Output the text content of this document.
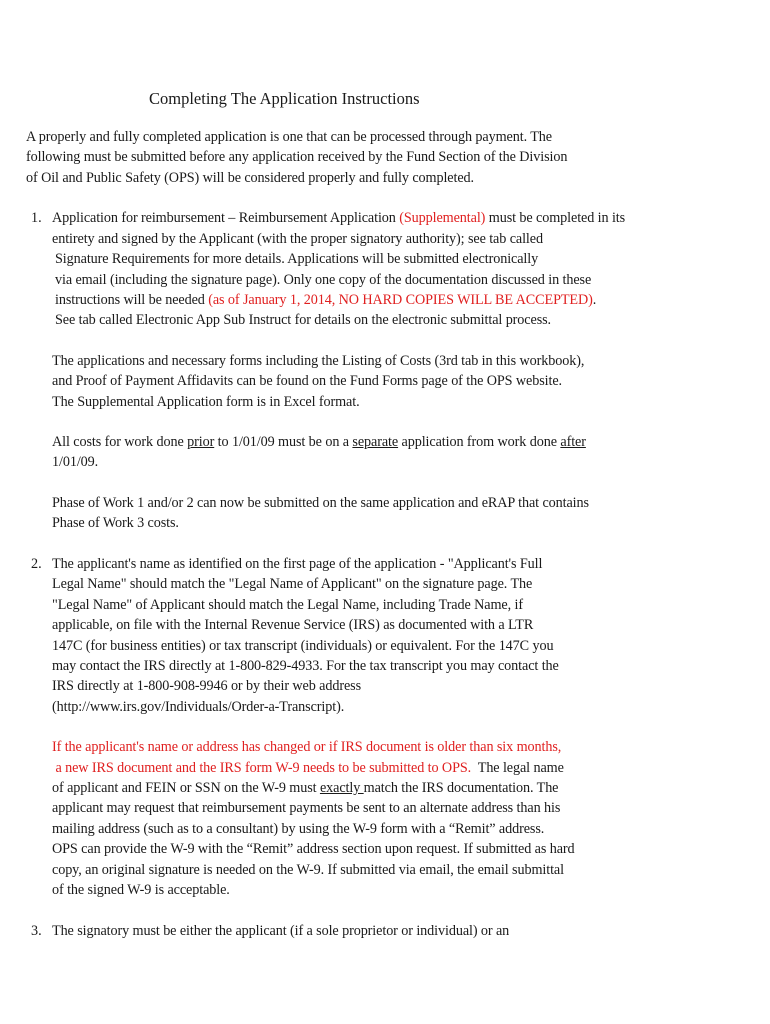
Completing The Application Instructions
A properly and fully completed application is one that can be processed through payment. The
following must be submitted before any application received by the Fund Section of the Division
of Oil and Public Safety (OPS) will be considered properly and fully completed.
1. Application for reimbursement – Reimbursement Application (Supplemental) must be completed in its
entirety and signed by the Applicant (with the proper signatory authority); see tab called
Signature Requirements for more details. Applications will be submitted electronically
via email (including the signature page). Only one copy of the documentation discussed in these
instructions will be needed (as of January 1, 2014, NO HARD COPIES WILL BE ACCEPTED).
See tab called Electronic App Sub Instruct for details on the electronic submittal process.
The applications and necessary forms including the Listing of Costs (3rd tab in this workbook),
and Proof of Payment Affidavits can be found on the Fund Forms page of the OPS website.
The Supplemental Application form is in Excel format.
All costs for work done prior to 1/01/09 must be on a separate application from work done after
1/01/09.
Phase of Work 1 and/or 2 can now be submitted on the same application and eRAP that contains
Phase of Work 3 costs.
2. The applicant's name as identified on the first page of the application - "Applicant's Full
Legal Name" should match the "Legal Name of Applicant" on the signature page. The
"Legal Name" of Applicant should match the Legal Name, including Trade Name, if
applicable, on file with the Internal Revenue Service (IRS) as documented with a LTR
147C (for business entities) or tax transcript (individuals) or equivalent. For the 147C you
may contact the IRS directly at 1-800-829-4933. For the tax transcript you may contact the
IRS directly at 1-800-908-9946 or by their web address
(http://www.irs.gov/Individuals/Order-a-Transcript).
If the applicant's name or address has changed or if IRS document is older than six months,
a new IRS document and the IRS form W-9 needs to be submitted to OPS.  The legal name
of applicant and FEIN or SSN on the W-9 must exactly match the IRS documentation. The
applicant may request that reimbursement payments be sent to an alternate address than his
mailing address (such as to a consultant) by using the W-9 form with a “Remit” address.
OPS can provide the W-9 with the “Remit” address section upon request. If submitted as hard
copy, an original signature is needed on the W-9. If submitted via email, the email submittal
of the signed W-9 is acceptable.
3. The signatory must be either the applicant (if a sole proprietor or individual) or an
